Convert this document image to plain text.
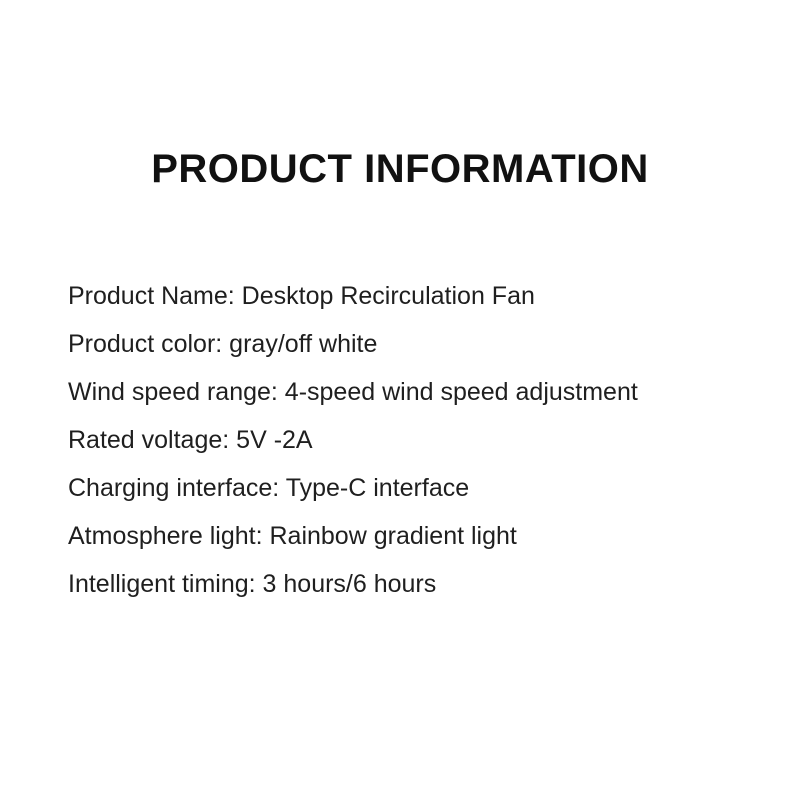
PRODUCT INFORMATION
Product Name: Desktop Recirculation Fan
Product color: gray/off white
Wind speed range: 4-speed wind speed adjustment
Rated voltage: 5V -2A
Charging interface: Type-C interface
Atmosphere light: Rainbow gradient light
Intelligent timing: 3 hours/6 hours
